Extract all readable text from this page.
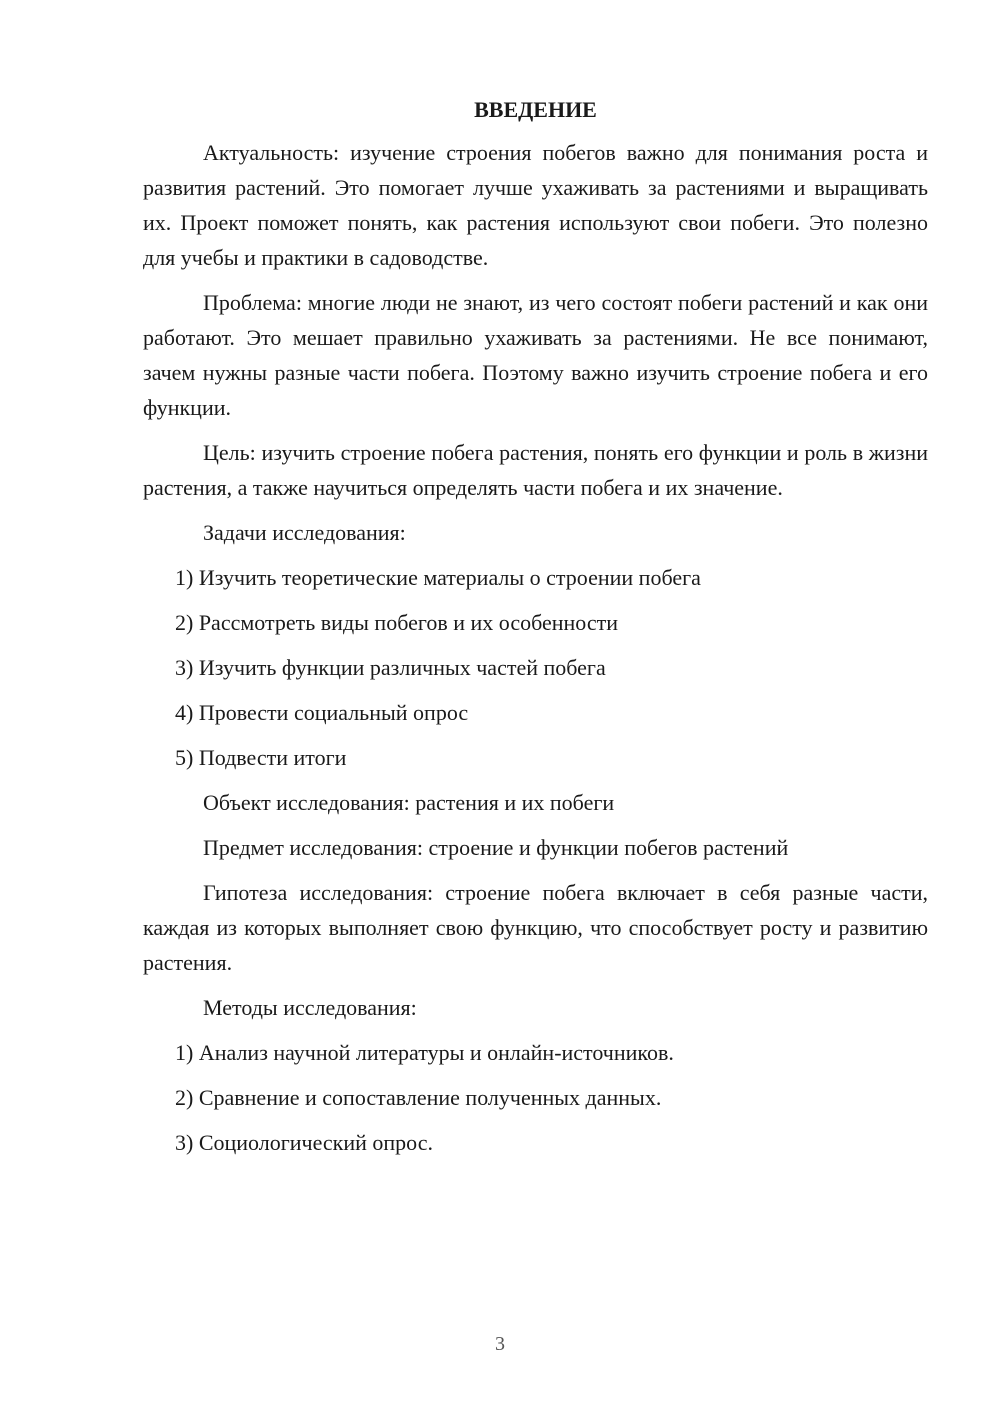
ВВЕДЕНИЕ

Актуальность: изучение строения побегов важно для понимания роста и развития растений. Это помогает лучше ухаживать за растениями и выращивать их. Проект поможет понять, как растения используют свои побеги. Это полезно для учебы и практики в садоводстве.

Проблема: многие люди не знают, из чего состоят побеги растений и как они работают. Это мешает правильно ухаживать за растениями. Не все понимают, зачем нужны разные части побега. Поэтому важно изучить строение побега и его функции.

Цель: изучить строение побега растения, понять его функции и роль в жизни растения, а также научиться определять части побега и их значение.

Задачи исследования:

1) Изучить теоретические материалы о строении побега
2) Рассмотреть виды побегов и их особенности
3) Изучить функции различных частей побега
4) Провести социальный опрос
5) Подвести итоги

Объект исследования: растения и их побеги

Предмет исследования: строение и функции побегов растений

Гипотеза исследования: строение побега включает в себя разные части, каждая из которых выполняет свою функцию, что способствует росту и развитию растения.

Методы исследования:

1) Анализ научной литературы и онлайн-источников.
2) Сравнение и сопоставление полученных данных.
3) Социологический опрос.
3
